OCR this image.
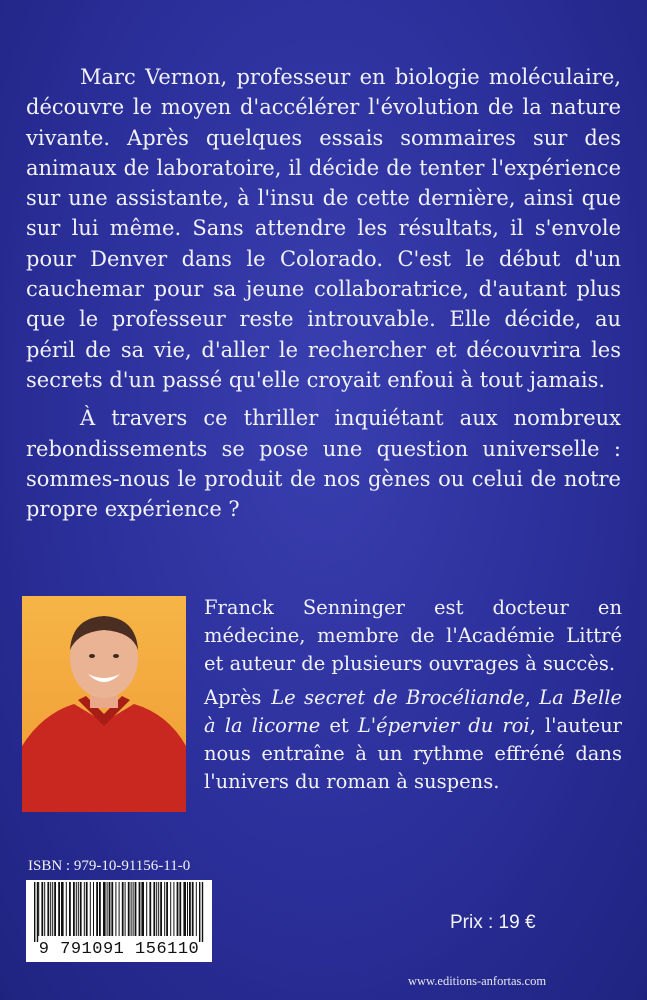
Marc Vernon, professeur en biologie moléculaire, découvre le moyen d'accélérer l'évolution de la nature vivante. Après quelques essais sommaires sur des animaux de laboratoire, il décide de tenter l'expérience sur une assistante, à l'insu de cette dernière, ainsi que sur lui même. Sans attendre les résultats, il s'envole pour Denver dans le Colorado. C'est le début d'un cauchemar pour sa jeune collaboratrice, d'autant plus que le professeur reste introuvable. Elle décide, au péril de sa vie, d'aller le rechercher et découvrira les secrets d'un passé qu'elle croyait enfoui à tout jamais.

À travers ce thriller inquiétant aux nombreux rebondissements se pose une question universelle : sommes-nous le produit de nos gènes ou celui de notre propre expérience ?

Franck Senninger est docteur en médecine, membre de l'Académie Littré et auteur de plusieurs ouvrages à succès.

Après  Le secret de Brocéliande, La Belle à la licorne et L'épervier du roi, l'auteur nous entraîne à un rythme effréné dans l'univers du roman à suspens.

ISBN : 979-10-91156-11-0
9 791091 156110
Prix : 19 €
www.editions-anfortas.com
